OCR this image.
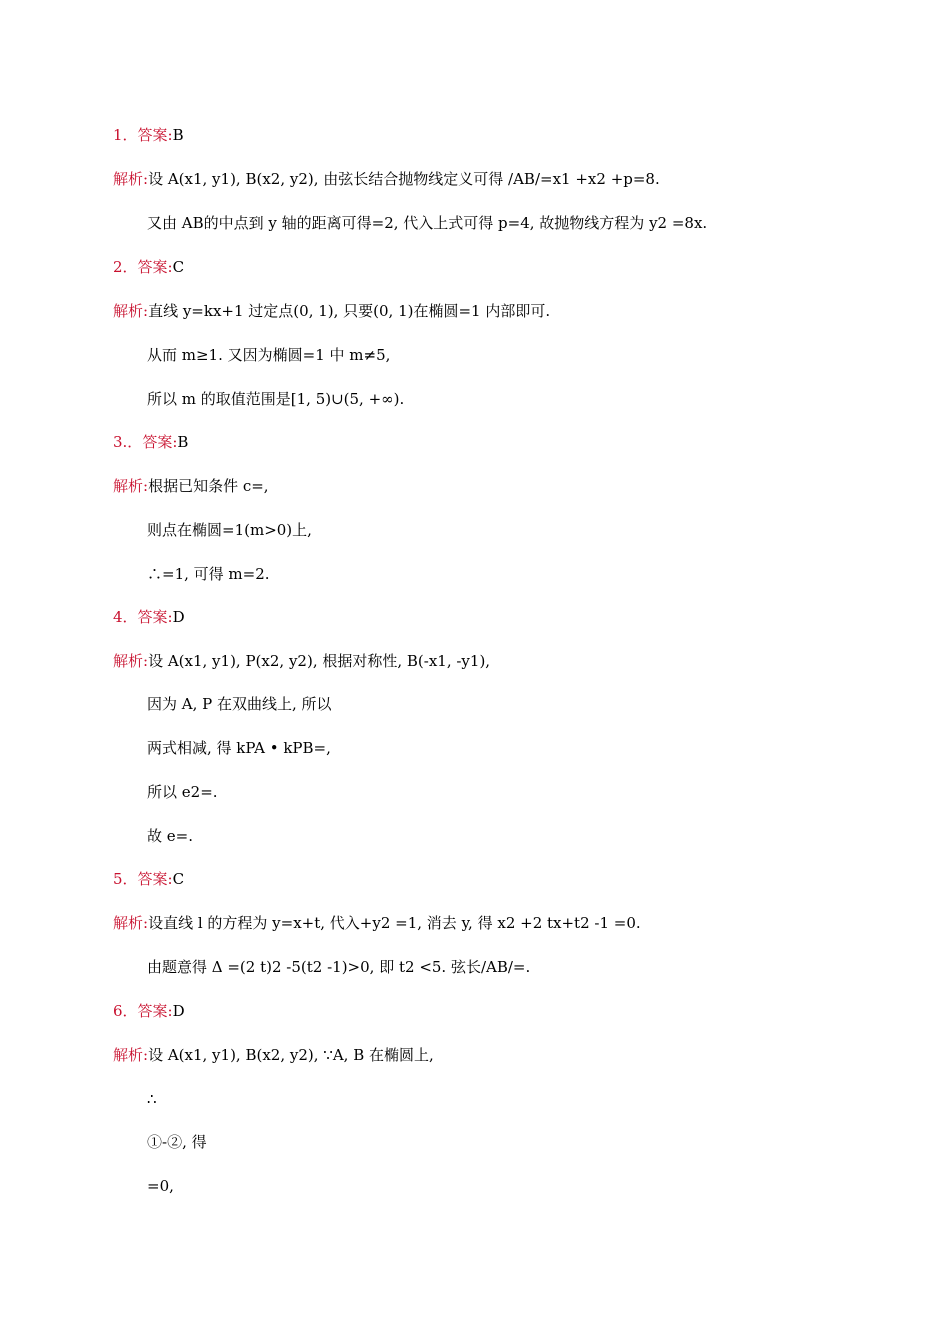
1．答案:B
解析:设 A(x1, y1), B(x2, y2), 由弦长结合抛物线定义可得 /AB/=x1 +x2 +p=8.
又由 AB的中点到 y 轴的距离可得=2, 代入上式可得 p=4, 故抛物线方程为 y2 =8x.
2．答案:C
解析:直线 y=kx+1 过定点(0, 1), 只要(0, 1)在椭圆=1 内部即可.
从而 m≥1. 又因为椭圆=1 中 m≠5,
所以 m 的取值范围是[1, 5)∪(5, +∞).
3.．答案:B
解析:根据已知条件 c=,
则点在椭圆=1(m>0)上,
∴=1, 可得 m=2.
4．答案:D
解析:设 A(x1, y1), P(x2, y2), 根据对称性, B(-x1, -y1),
因为 A, P 在双曲线上, 所以
两式相减, 得 kPA • kPB=,
所以 e2=.
故 e=.
5．答案:C
解析:设直线 l 的方程为 y=x+t, 代入+y2 =1, 消去 y, 得 x2 +2 tx+t2 -1 =0.
由题意得 Δ =(2 t)2 -5(t2 -1)>0, 即 t2 <5. 弦长/AB/=.
6．答案:D
解析:设 A(x1, y1), B(x2, y2), ∵A, B 在椭圆上,
∴
①-②, 得
=0,
